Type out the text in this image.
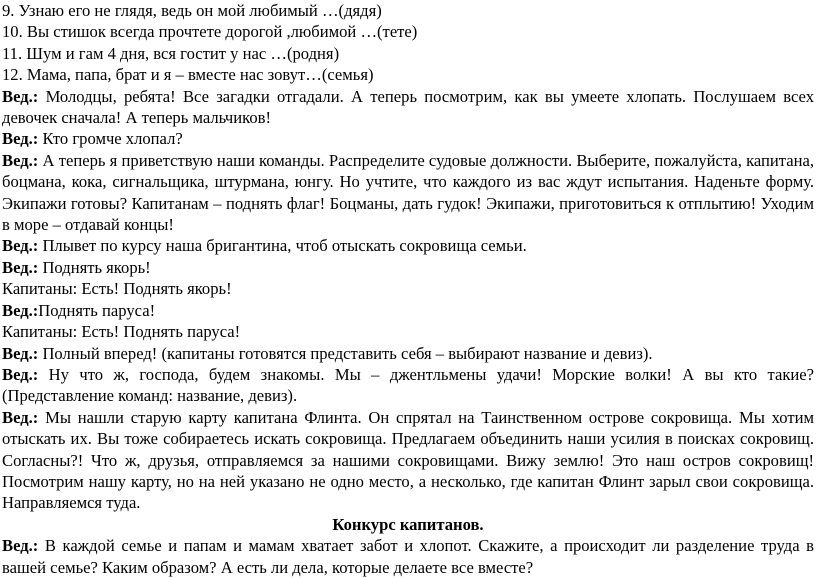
9. Узнаю его не глядя, ведь он мой любимый …(дядя)

10. Вы стишок всегда прочтете дорогой ,любимой …(тете)

11. Шум и гам 4 дня, вся гостит у нас …(родня)

12. Мама, папа, брат и я – вместе нас зовут…(семья)

Вед.: Молодцы, ребята! Все загадки отгадали. А теперь посмотрим, как вы умеете хлопать. Послушаем всех девочек сначала! А теперь мальчиков!

Вед.: Кто громче хлопал?

Вед.: А теперь я приветствую наши команды. Распределите судовые должности. Выберите, пожалуйста, капитана, боцмана, кока, сигнальщика, штурмана, юнгу. Но учтите, что каждого из вас ждут испытания. Наденьте форму. Экипажи готовы? Капитанам – поднять флаг! Боцманы, дать гудок! Экипажи, приготовиться к отплытию! Уходим в море – отдавай концы!

Вед.: Плывет по курсу наша бригантина, чтоб отыскать сокровища семьи.

Вед.: Поднять якорь!

Капитаны: Есть! Поднять якорь!

Вед.:Поднять паруса!

Капитаны: Есть! Поднять паруса!

Вед.: Полный вперед! (капитаны готовятся представить себя – выбирают название и девиз).

Вед.: Ну что ж, господа, будем знакомы. Мы – джентльмены удачи! Морские волки! А вы кто такие? (Представление команд: название, девиз).

Вед.: Мы нашли старую карту капитана Флинта. Он спрятал на Таинственном острове сокровища. Мы хотим отыскать их. Вы тоже собираетесь искать сокровища. Предлагаем объединить наши усилия в поисках сокровищ. Согласны?! Что ж, друзья, отправляемся за нашими сокровищами. Вижу землю! Это наш остров сокровищ! Посмотрим нашу карту, но на ней указано не одно место, а несколько, где капитан Флинт зарыл свои сокровища. Направляемся туда.

Конкурс капитанов.

Вед.: В каждой семье и папам и мамам хватает забот и хлопот. Скажите, а происходит ли разделение труда в вашей семье? Каким образом? А есть ли дела, которые делаете все вместе?
